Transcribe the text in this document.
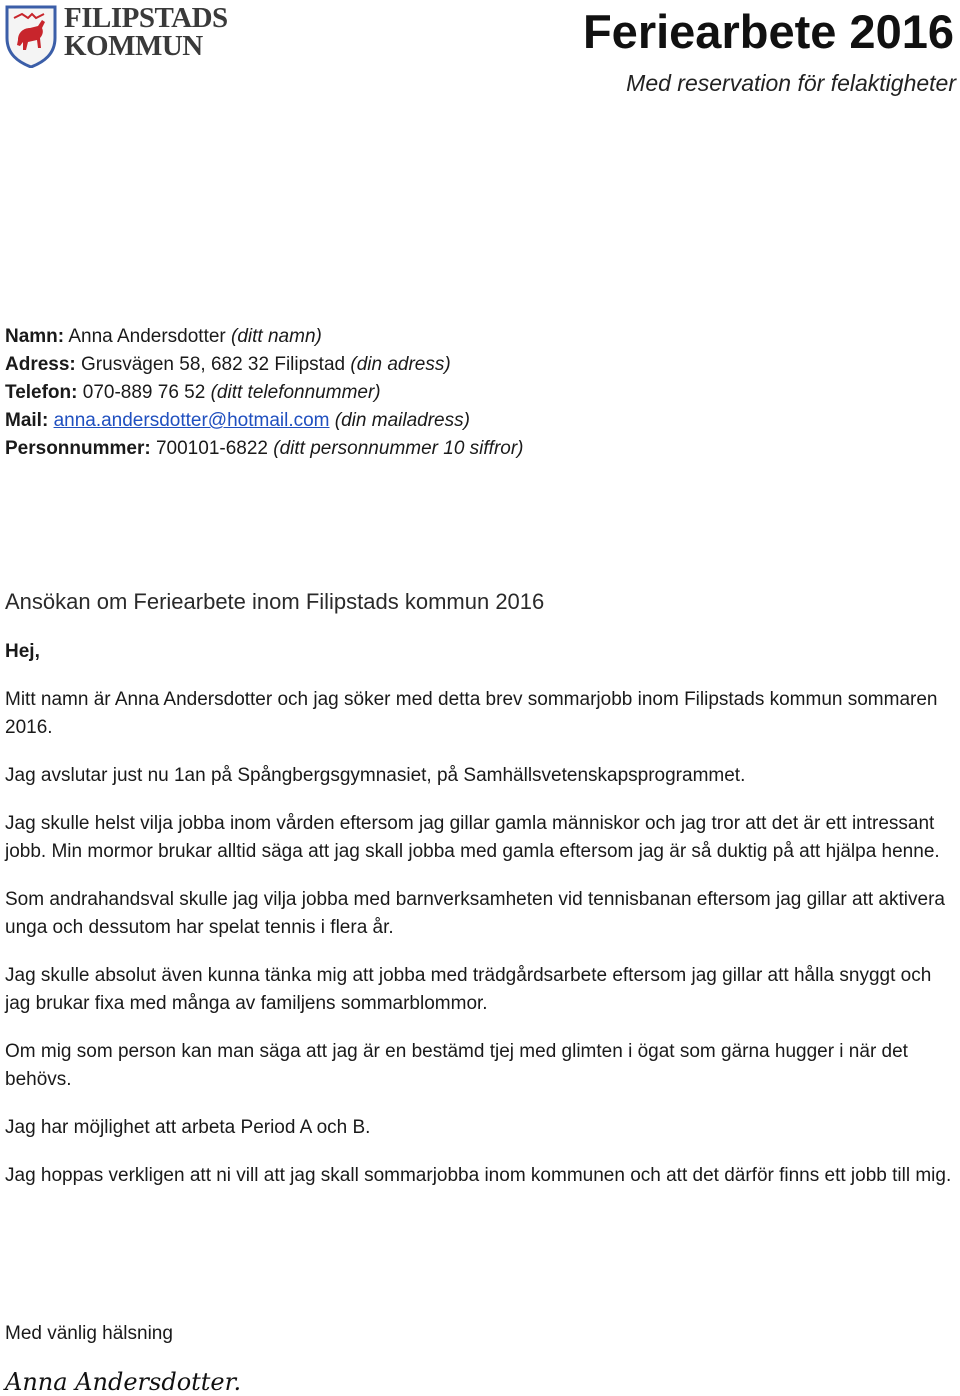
FILIPSTADS
KOMMUN	Feriearbete 2016
Med reservation för felaktigheter
Namn: Anna Andersdotter (ditt namn)
Adress: Grusvägen 58, 682 32 Filipstad (din adress)
Telefon: 070-889 76 52 (ditt telefonnummer)
Mail: anna.andersdotter@hotmail.com (din mailadress)
Personnummer: 700101-6822 (ditt personnummer 10 siffror)
Ansökan om Feriearbete inom Filipstads kommun 2016
Hej,

Mitt namn är Anna Andersdotter och jag söker med detta brev sommarjobb inom Filipstads kommun sommaren 2016.

Jag avslutar just nu 1an på Spångbergsgymnasiet, på Samhällsvetenskapsprogrammet.

Jag skulle helst vilja jobba inom vården eftersom jag gillar gamla människor och jag tror att det är ett intressant jobb. Min mormor brukar alltid säga att jag skall jobba med gamla eftersom jag är så duktig på att hjälpa henne.

Som andrahandsval skulle jag vilja jobba med barnverksamheten vid tennisbanan eftersom jag gillar att aktivera unga och dessutom har spelat tennis i flera år.

Jag skulle absolut även kunna tänka mig att jobba med trädgårdsarbete eftersom jag gillar att hålla snyggt och jag brukar fixa med många av familjens sommarblommor.

Om mig som person kan man säga att jag är en bestämd tjej med glimten i ögat som gärna hugger i när det behövs.

Jag har möjlighet att arbeta Period A och B.

Jag hoppas verkligen att ni vill att jag skall sommarjobba inom kommunen och att det därför finns ett jobb till mig.

Med vänlig hälsning
Anna Andersdotter.
